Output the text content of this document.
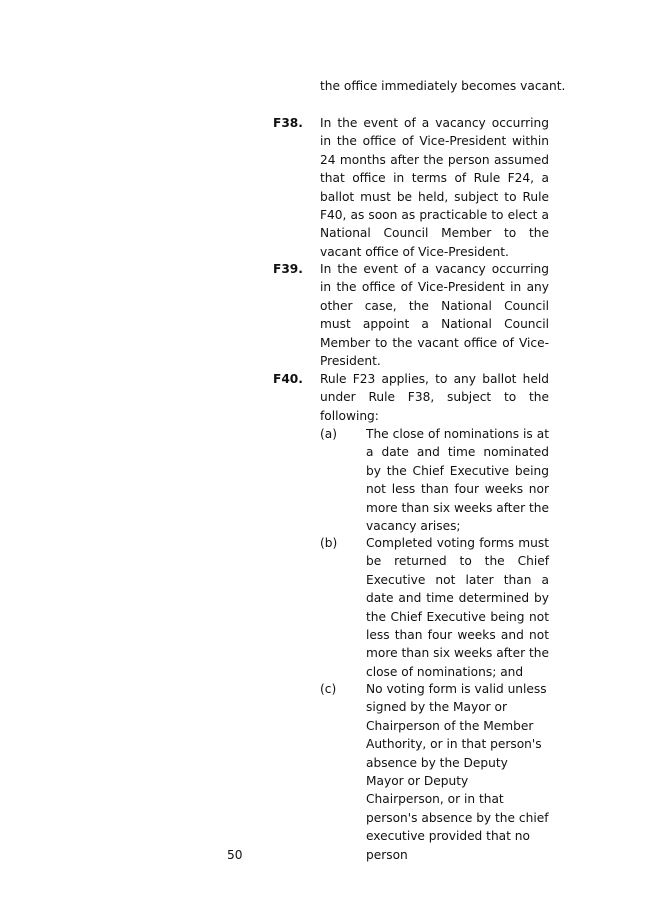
the office immediately becomes vacant.
F38. In the event of a vacancy occurring in the office of Vice-President within 24 months after the person assumed that office in terms of Rule F24, a ballot must be held, subject to Rule F40, as soon as practicable to elect a National Council Member to the vacant office of Vice-President.
F39. In the event of a vacancy occurring in the office of Vice-President in any other case, the National Council must appoint a National Council Member to the vacant office of Vice-President.
F40. Rule F23 applies, to any ballot held under Rule F38, subject to the following:
(a) The close of nominations is at a date and time nominated by the Chief Executive being not less than four weeks nor more than six weeks after the vacancy arises;
(b) Completed voting forms must be returned to the Chief Executive not later than a date and time determined by the Chief Executive being not less than four weeks and not more than six weeks after the close of nominations; and
(c) No voting form is valid unless signed by the Mayor or Chairperson of the Member Authority, or in that person's absence by the Deputy Mayor or Deputy Chairperson, or in that person's absence by the chief executive provided that no person
50
